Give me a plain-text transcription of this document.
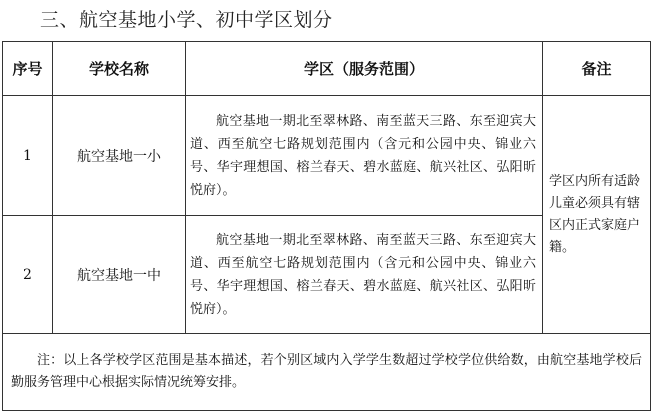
三、航空基地小学、初中学区划分
序号	学校名称	学区（服务范围）	备注
1	航空基地一小	航空基地一期北至翠林路、南至蓝天三路、东至迎宾大道、西至航空七路规划范围内（含元和公园中央、锦业六号、华宇理想国、榕兰春天、碧水蓝庭、航兴社区、弘阳昕悦府）。	学区内所有适龄儿童必须具有辖区内正式家庭户籍。
2	航空基地一中	航空基地一期北至翠林路、南至蓝天三路、东至迎宾大道、西至航空七路规划范围内（含元和公园中央、锦业六号、华宇理想国、榕兰春天、碧水蓝庭、航兴社区、弘阳昕悦府）。	
注：以上各学校学区范围是基本描述，若个别区域内入学学生数超过学校学位供给数，由航空基地学校后勤服务管理中心根据实际情况统筹安排。			
